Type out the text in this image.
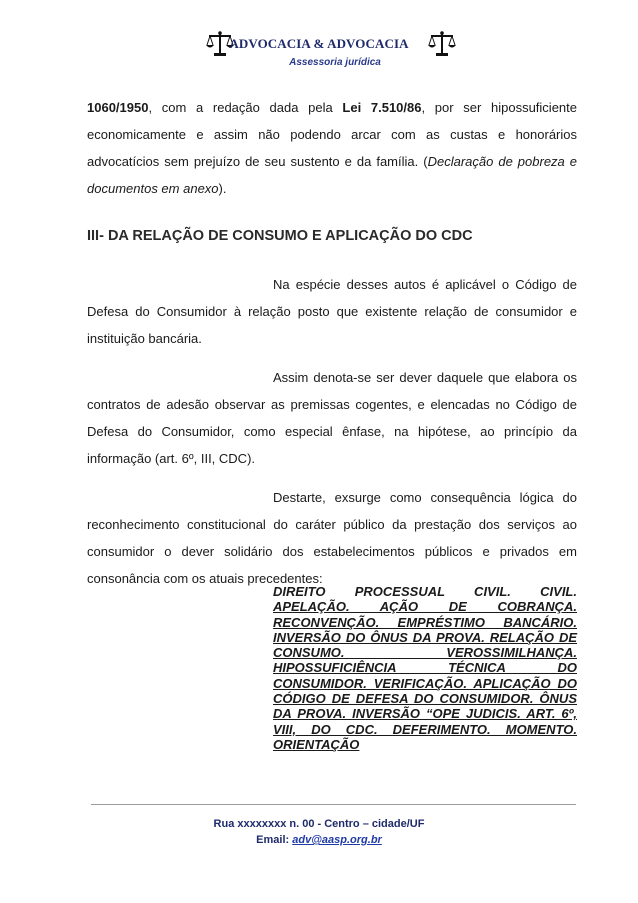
ADVOCACIA & ADVOCACIA
Assessoria jurídica

1060/1950, com a redação dada pela Lei 7.510/86, por ser hipossuficiente economicamente e assim não podendo arcar com as custas e honorários advocatícios sem prejuízo de seu sustento e da família. (Declaração de pobreza e documentos em anexo).

III- DA RELAÇÃO DE CONSUMO E APLICAÇÃO DO CDC

Na espécie desses autos é aplicável o Código de Defesa do Consumidor à relação posto que existente relação de consumidor e instituição bancária.

Assim denota-se ser dever daquele que elabora os contratos de adesão observar as premissas cogentes, e elencadas no Código de Defesa do Consumidor, como especial ênfase, na hipótese, ao princípio da informação (art. 6º, III, CDC).

Destarte, exsurge como consequência lógica do reconhecimento constitucional do caráter público da prestação dos serviços ao consumidor o dever solidário dos estabelecimentos públicos e privados em consonância com os atuais precedentes:

DIREITO PROCESSUAL CIVIL. CIVIL. APELAÇÃO. AÇÃO DE COBRANÇA. RECONVENÇÃO. EMPRÉSTIMO BANCÁRIO. INVERSÃO DO ÔNUS DA PROVA. RELAÇÃO DE CONSUMO. VEROSSIMILHANÇA. HIPOSSUFICIÊNCIA TÉCNICA DO CONSUMIDOR. VERIFICAÇÃO. APLICAÇÃO DO CÓDIGO DE DEFESA DO CONSUMIDOR. ÔNUS DA PROVA. INVERSÃO “OPE JUDICIS. ART. 6º, VIII, DO CDC. DEFERIMENTO. MOMENTO. ORIENTAÇÃO

Rua xxxxxxxx n. 00 - Centro – cidade/UF
Email: adv@aasp.org.br
